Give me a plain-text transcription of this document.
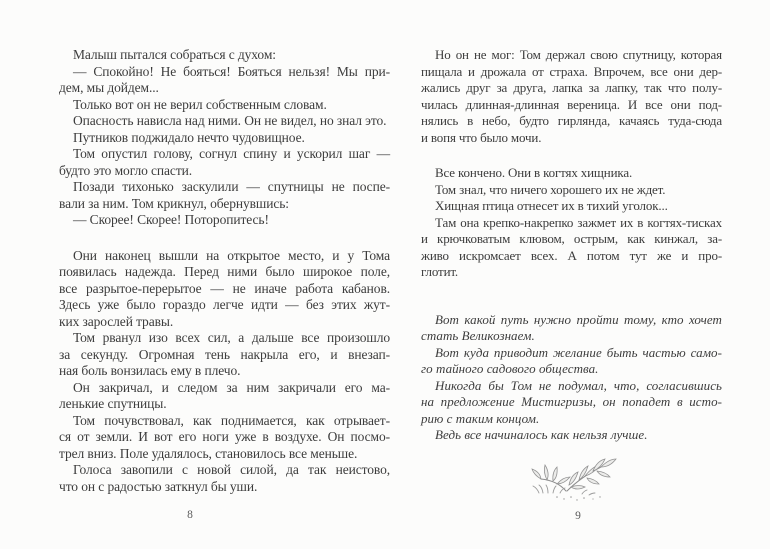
Малыш пытался собраться с духом:
— Спокойно! Не бояться! Бояться нельзя! Мы при-
дем, мы дойдем...
Только вот он не верил собственным словам.
Опасность нависла над ними. Он не видел, но знал это.
Путников поджидало нечто чудовищное.
Том опустил голову, согнул спину и ускорил шаг —
будто это могло спасти.
Позади тихонько заскулили — спутницы не поспе-
вали за ним. Том крикнул, обернувшись:
— Скорее! Скорее! Поторопитесь!
Они наконец вышли на открытое место, и у Тома
появилась надежда. Перед ними было широкое поле,
все разрытое-перерытое — не иначе работа кабанов.
Здесь уже было гораздо легче идти — без этих жут-
ких зарослей травы.
Том рванул изо всех сил, а дальше все произошло
за секунду. Огромная тень накрыла его, и внезап-
ная боль вонзилась ему в плечо.
Он закричал, и следом за ним закричали его ма-
ленькие спутницы.
Том почувствовал, как поднимается, как отрывает-
ся от земли. И вот его ноги уже в воздухе. Он посмо-
трел вниз. Поле удалялось, становилось все меньше.
Голоса завопили с новой силой, да так неистово,
что он с радостью заткнул бы уши.
Но он не мог: Том держал свою спутницу, которая
пищала и дрожала от страха. Впрочем, все они дер-
жались друг за друга, лапка за лапку, так что полу-
чилась длинная-длинная вереница. И все они под-
нялись в небо, будто гирлянда, качаясь туда-сюда
и вопя что было мочи.
Все кончено. Они в когтях хищника.
Том знал, что ничего хорошего их не ждет.
Хищная птица отнесет их в тихий уголок...
Там она крепко-накрепко зажмет их в когтях-тисках
и крючковатым клювом, острым, как кинжал, за-
живо искромсает всех. А потом тут же и про-
глотит.
Вот какой путь нужно пройти тому, кто хочет
стать Великознаем.
Вот куда приводит желание быть частью само-
го тайного садового общества.
Никогда бы Том не подумал, что, согласившись
на предложение Мистигризы, он попадет в исто-
рию с таким концом.
Ведь все начиналось как нельзя лучше.
8	9
